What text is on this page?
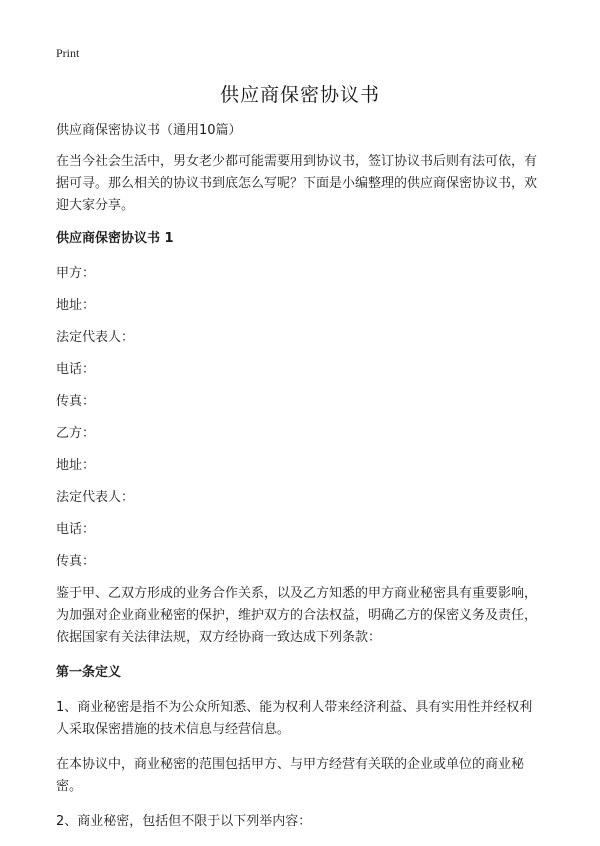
Print
供应商保密协议书
供应商保密协议书（通用10篇）
在当今社会生活中，男女老少都可能需要用到协议书，签订协议书后则有法可依，有据可寻。那么相关的协议书到底怎么写呢？下面是小编整理的供应商保密协议书，欢迎大家分享。
供应商保密协议书 1
甲方：
地址：
法定代表人：
电话：
传真：
乙方：
地址：
法定代表人：
电话：
传真：
鉴于甲、乙双方形成的业务合作关系，以及乙方知悉的甲方商业秘密具有重要影响，为加强对企业商业秘密的保护，维护双方的合法权益，明确乙方的保密义务及责任，依据国家有关法律法规，双方经协商一致达成下列条款：
第一条定义
1、商业秘密是指不为公众所知悉、能为权利人带来经济利益、具有实用性并经权利人采取保密措施的技术信息与经营信息。
在本协议中，商业秘密的范围包括甲方、与甲方经营有关联的企业或单位的商业秘密。
2、商业秘密，包括但不限于以下列举内容：
